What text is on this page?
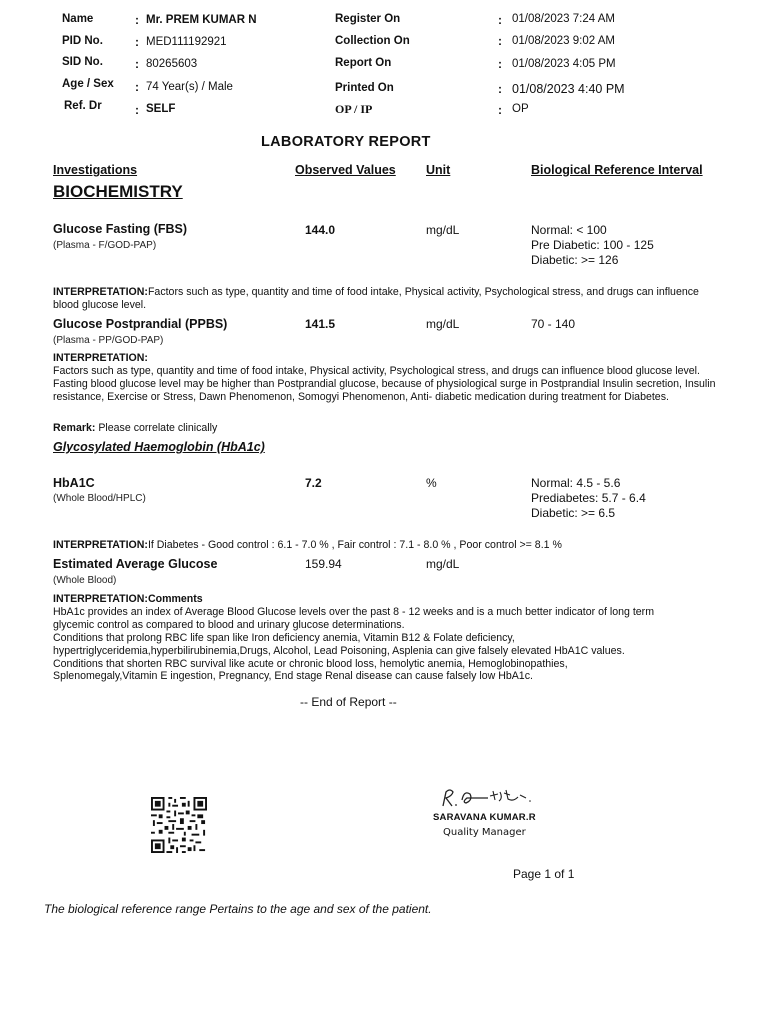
Name	: Mr. PREM KUMAR N
PID No.	: MED111192921
SID No.	: 80265603
Age / Sex : 74 Year(s) / Male
Ref. Dr	: SELF
Register On	: 01/08/2023 7:24 AM
Collection On	: 01/08/2023 9:02 AM
Report On	: 01/08/2023 4:05 PM
Printed On	: 01/08/2023 4:40 PM
OP / IP	: OP
LABORATORY REPORT
Investigations	Observed Values Unit	Biological Reference Interval
BIOCHEMISTRY
Glucose Fasting (FBS)
(Plasma - F/GOD-PAP)
144.0	mg/dL	Normal: < 100
Pre Diabetic: 100 - 125
Diabetic: >= 126
INTERPRETATION:Factors such as type, quantity and time of food intake, Physical activity, Psychological stress, and drugs can influence blood glucose level.
Glucose Postprandial (PPBS)
(Plasma - PP/GOD-PAP)
141.5	mg/dL	70 - 140
INTERPRETATION:
Factors such as type, quantity and time of food intake, Physical activity, Psychological stress, and drugs can influence blood glucose level. Fasting blood glucose level may be higher than Postprandial glucose, because of physiological surge in Postprandial Insulin secretion, Insulin resistance, Exercise or Stress, Dawn Phenomenon, Somogyi Phenomenon, Anti- diabetic medication during treatment for Diabetes.
Remark: Please correlate clinically
Glycosylated Haemoglobin (HbA1c)
HbA1C
(Whole Blood/HPLC)
7.2	%	Normal: 4.5 - 5.6
Prediabetes: 5.7 - 6.4
Diabetic: >= 6.5
INTERPRETATION:If Diabetes - Good control : 6.1 - 7.0 % , Fair control : 7.1 - 8.0 % , Poor control >= 8.1 %
Estimated Average Glucose
(Whole Blood)
159.94	mg/dL
INTERPRETATION:Comments
HbA1c provides an index of Average Blood Glucose levels over the past 8 - 12 weeks and is a much better indicator of long term
glycemic control as compared to blood and urinary glucose determinations.
Conditions that prolong RBC life span like Iron deficiency anemia, Vitamin B12 & Folate deficiency,
hypertriglyceridemia,hyperbilirubinemia,Drugs, Alcohol, Lead Poisoning, Asplenia can give falsely elevated HbA1C values.
Conditions that shorten RBC survival like acute or chronic blood loss, hemolytic anemia, Hemoglobinopathies,
Splenomegaly,Vitamin E ingestion, Pregnancy, End stage Renal disease can cause falsely low HbA1c.
-- End of Report --
SARAVANA KUMAR.R
Quality Manager
Page 1 of 1
The biological reference range Pertains to the age and sex of the patient.
